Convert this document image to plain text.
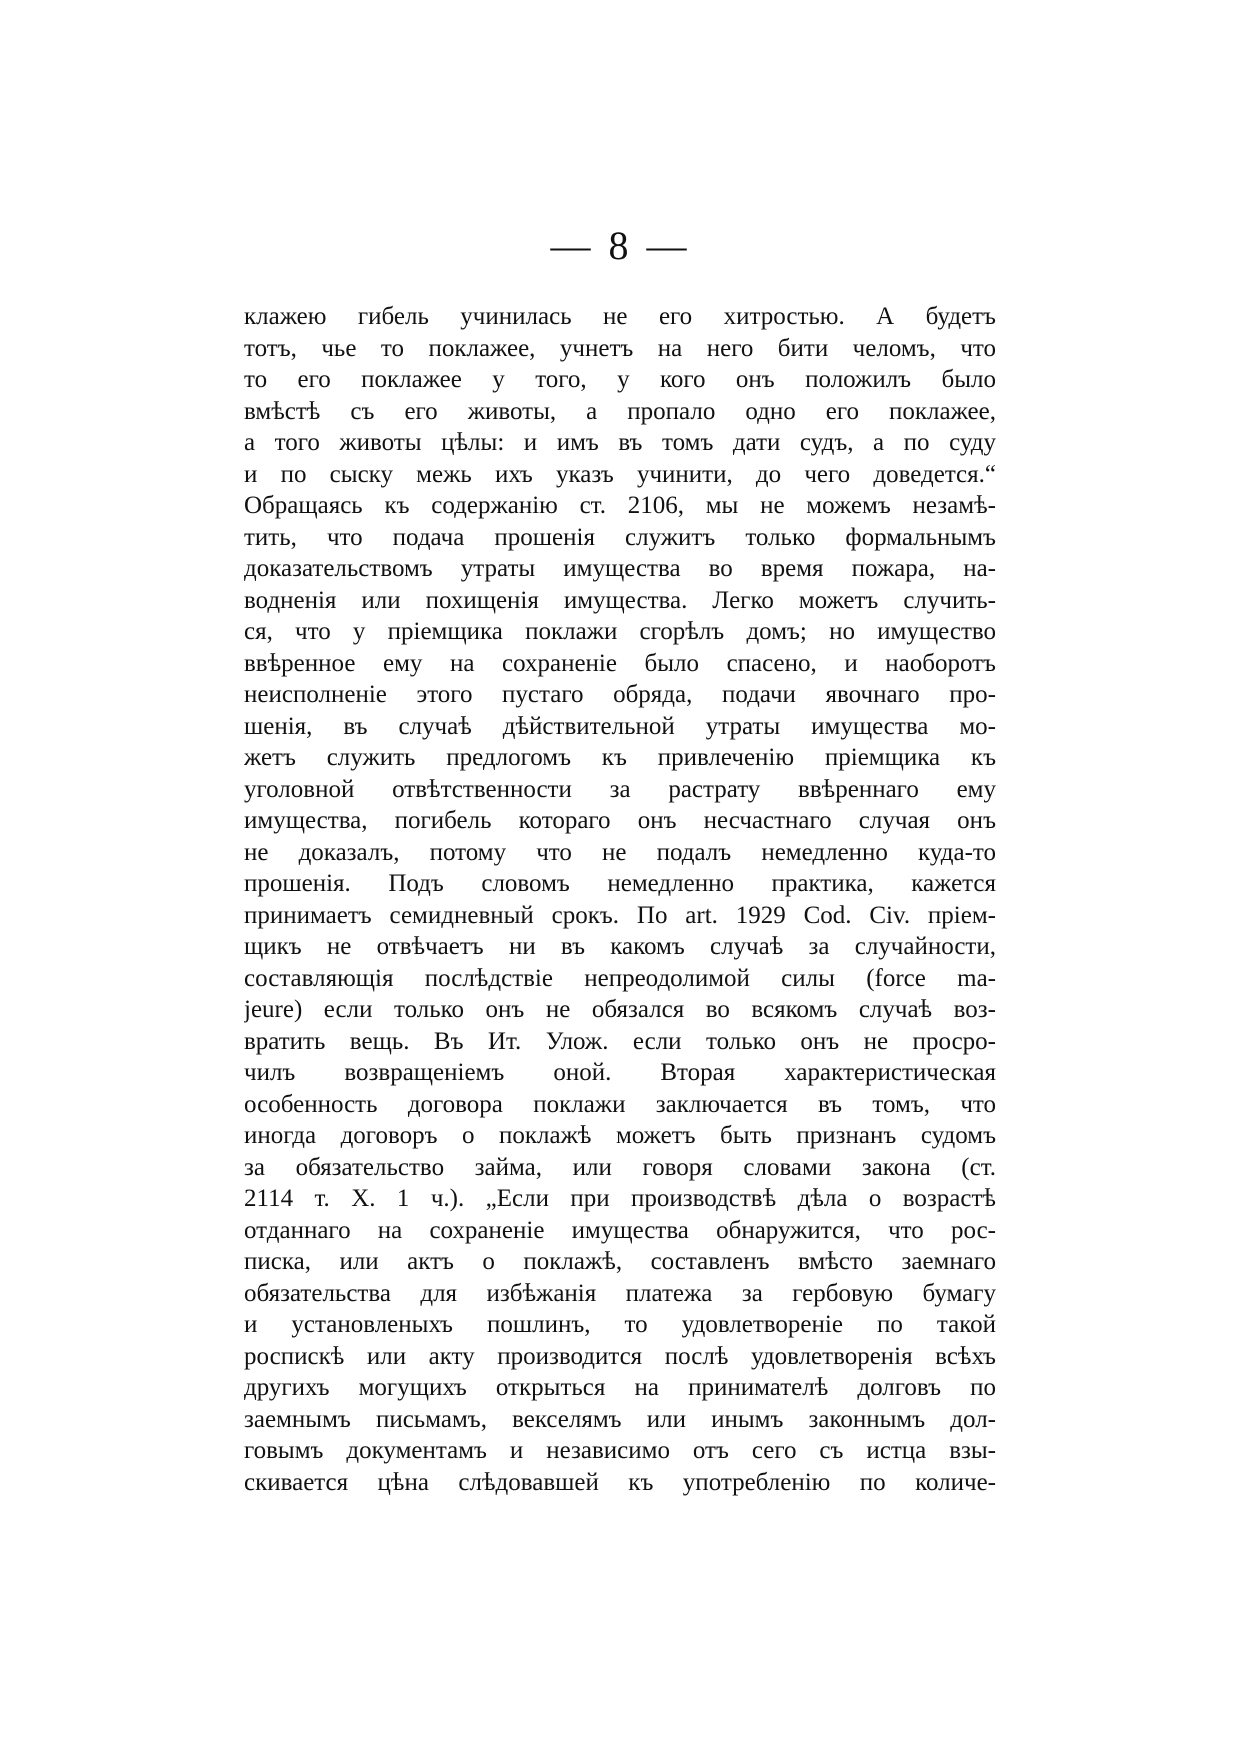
— 8 —
клажею гибель учинилась не его хитростью. А будетъ
тотъ, чье то поклажее, учнетъ на него бити челомъ, что
то его поклажее у того, у кого онъ положилъ было
вмѣстѣ съ его животы, а пропало одно его поклажее,
а того животы цѣлы: и имъ въ томъ дати судъ, а по суду
и по сыску межь ихъ указъ учинити, до чего доведется.“
Обращаясь къ содержанію ст. 2106, мы не можемъ незамѣ-
тить, что подача прошенія служитъ только формальнымъ
доказательствомъ утраты имущества во время пожара, на-
водненія или похищенія имущества. Легко можетъ случить-
ся, что у пріемщика поклажи сгорѣлъ домъ; но имущество
ввѣренное ему на сохраненіе было спасено, и наоборотъ
неисполненіе этого пустаго обряда, подачи явочнаго про-
шенія, въ случаѣ дѣйствительной утраты имущества мо-
жетъ служить предлогомъ къ привлеченію пріемщика къ
уголовной отвѣтственности за растрату ввѣреннаго ему
имущества, погибель котораго онъ несчастнаго случая онъ
не доказалъ, потому что не подалъ немедленно куда-то
прошенія. Подъ словомъ немедленно практика, кажется
принимаетъ семидневный срокъ. По art. 1929 Cod. Civ. пріем-
щикъ не отвѣчаетъ ни въ какомъ случаѣ за случайности,
составляющія послѣдствіе непреодолимой силы (force ma-
jeure) если только онъ не обязался во всякомъ случаѣ воз-
вратить вещь. Въ Ит. Улож. если только онъ не просро-
чилъ возвращеніемъ оной. Вторая характеристическая
особенность договора поклажи заключается въ томъ, что
иногда договоръ о поклажѣ можетъ быть признанъ судомъ
за обязательство займа, или говоря словами закона (ст.
2114 т. X. 1 ч.). „Если при производствѣ дѣла о возрастѣ
отданнаго на сохраненіе имущества обнаружится, что рос-
писка, или актъ о поклажѣ, составленъ вмѣсто заемнаго
обязательства для избѣжанія платежа за гербовую бумагу
и установленыхъ пошлинъ, то удовлетвореніе по такой
роспискѣ или акту производится послѣ удовлетворенія всѣхъ
другихъ могущихъ открыться на принимателѣ долговъ по
заемнымъ письмамъ, векселямъ или инымъ законнымъ дол-
говымъ документамъ и независимо отъ сего съ истца взы-
скивается цѣна слѣдовавшей къ употребленію по количе-
